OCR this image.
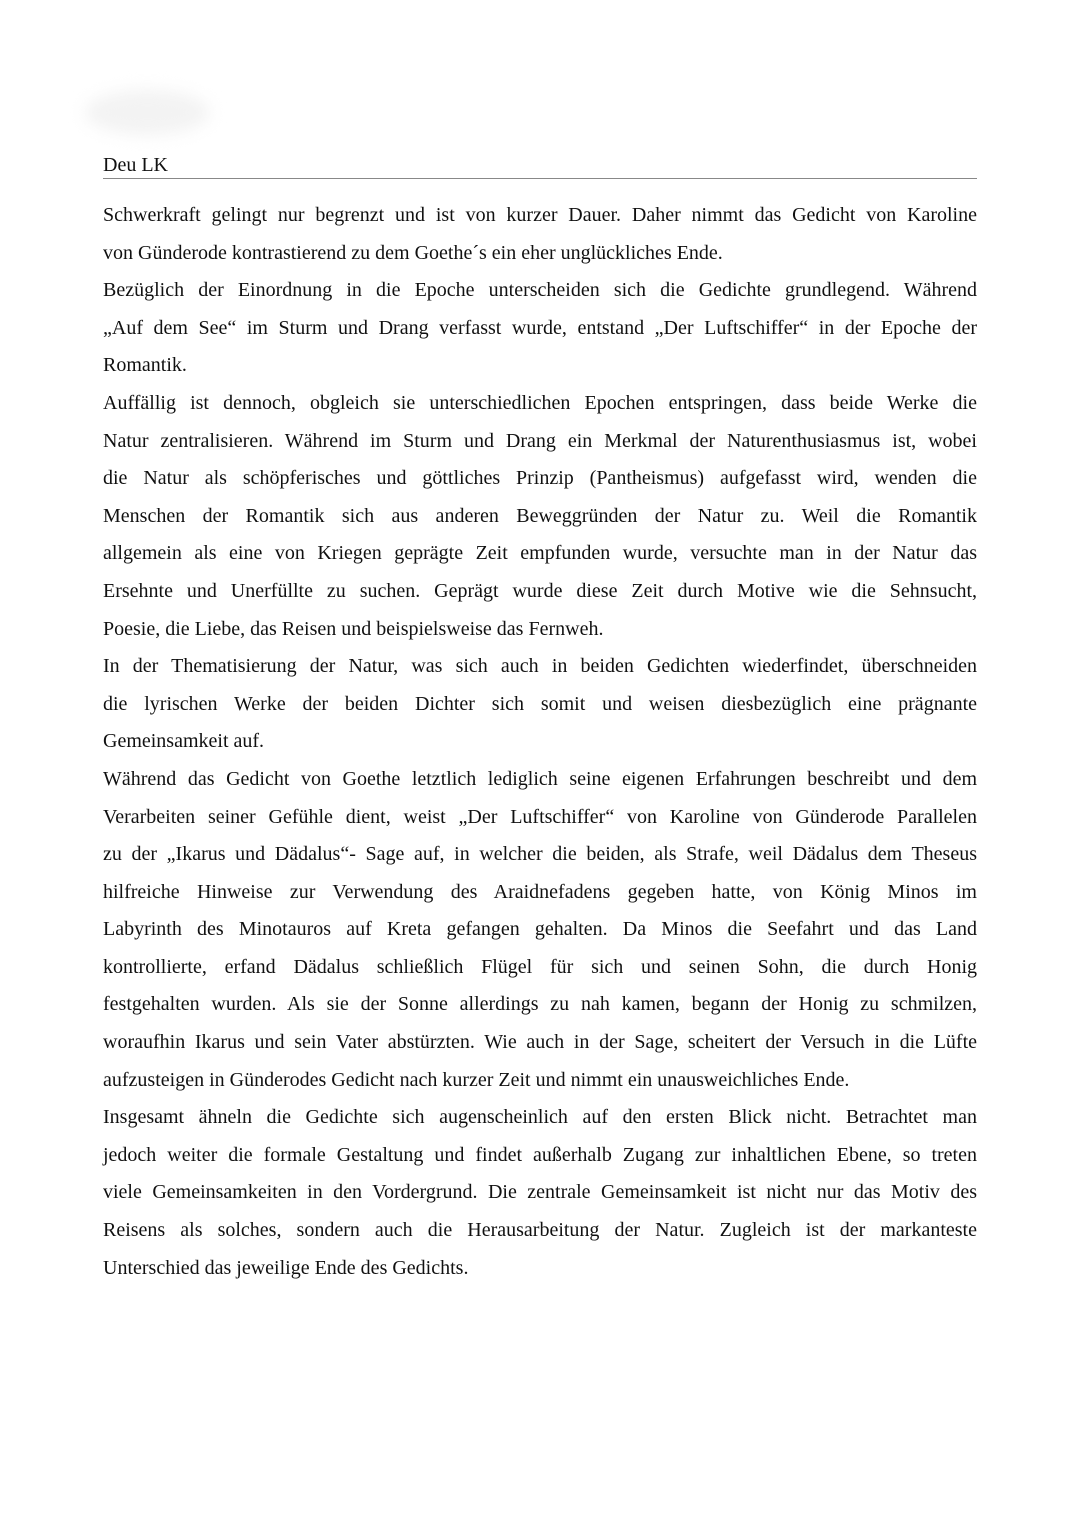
Deu LK
Schwerkraft gelingt nur begrenzt und ist von kurzer Dauer. Daher nimmt das Gedicht von Karoline
von Günderode kontrastierend zu dem Goethe´s ein eher unglückliches Ende.
Bezüglich der Einordnung in die Epoche unterscheiden sich die Gedichte grundlegend. Während
„Auf dem See“ im Sturm und Drang verfasst wurde, entstand „Der Luftschiffer“ in der Epoche der
Romantik.
Auffällig ist dennoch, obgleich sie unterschiedlichen Epochen entspringen, dass beide Werke die
Natur zentralisieren. Während im Sturm und Drang ein Merkmal der Naturenthusiasmus ist, wobei
die Natur als schöpferisches und göttliches Prinzip (Pantheismus) aufgefasst wird, wenden die
Menschen der Romantik sich aus anderen Beweggründen der Natur zu. Weil die Romantik
allgemein als eine von Kriegen geprägte Zeit empfunden wurde, versuchte man in der Natur das
Ersehnte und Unerfüllte zu suchen. Geprägt wurde diese Zeit durch Motive wie die Sehnsucht,
Poesie, die Liebe, das Reisen und beispielsweise das Fernweh.
In der Thematisierung der Natur, was sich auch in beiden Gedichten wiederfindet, überschneiden
die lyrischen Werke der beiden Dichter sich somit und weisen diesbezüglich eine prägnante
Gemeinsamkeit auf.
Während das Gedicht von Goethe letztlich lediglich seine eigenen Erfahrungen beschreibt und dem
Verarbeiten seiner Gefühle dient, weist „Der Luftschiffer“ von Karoline von Günderode Parallelen
zu der „Ikarus und Dädalus“- Sage auf, in welcher die beiden, als Strafe, weil Dädalus dem Theseus
hilfreiche Hinweise zur Verwendung des Araidnefadens gegeben hatte, von König Minos im
Labyrinth des Minotauros auf Kreta gefangen gehalten. Da Minos die Seefahrt und das Land
kontrollierte, erfand Dädalus schließlich Flügel für sich und seinen Sohn, die durch Honig
festgehalten wurden. Als sie der Sonne allerdings zu nah kamen, begann der Honig zu schmilzen,
woraufhin Ikarus und sein Vater abstürzten. Wie auch in der Sage, scheitert der Versuch in die Lüfte
aufzusteigen in Günderodes Gedicht nach kurzer Zeit und nimmt ein unausweichliches Ende.
Insgesamt ähneln die Gedichte sich augenscheinlich auf den ersten Blick nicht. Betrachtet man
jedoch weiter die formale Gestaltung und findet außerhalb Zugang zur inhaltlichen Ebene, so treten
viele Gemeinsamkeiten in den Vordergrund. Die zentrale Gemeinsamkeit ist nicht nur das Motiv des
Reisens als solches, sondern auch die Herausarbeitung der Natur. Zugleich ist der markanteste
Unterschied das jeweilige Ende des Gedichts.
